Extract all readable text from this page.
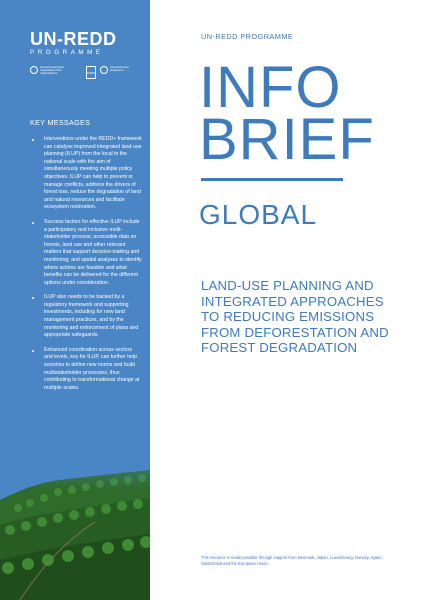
UN-REDD
PROGRAMME
Food and Agriculture Organization of the United Nations	UNDP
UN environment programme
KEY MESSAGES
Interventions under the REDD+ framework can catalyse improved integrated land-use planning (ILUP) from the local to the national scale with the aim of simultaneously meeting multiple policy objectives. ILUP can help to prevent or manage conflicts, address the drivers of forest loss, reduce the degradation of land and natural resources and facilitate ecosystem restoration.
Success factors for effective ILUP include a participatory and inclusive multi-stakeholder process; accessible data on forests, land use and other relevant matters that support decision-making and monitoring; and spatial analyses to identify where actions are feasible and what benefits can be delivered for the different options under consideration.
ILUP also needs to be backed by a regulatory framework and supporting investments, including for new land management practices, and by the monitoring and enforcement of plans and appropriate safeguards.
Enhanced coordination across sectors and levels, key for ILUP, can further help societies to define new norms and build multistakeholder processes, thus contributing to transformational change at multiple scales.
UN-REDD PROGRAMME
INFO
BRIEF
GLOBAL
LAND-USE PLANNING AND INTEGRATED APPROACHES TO REDUCING EMISSIONS FROM DEFORESTATION AND FOREST DEGRADATION
This resource is made possible through support from Denmark, Japan, Luxembourg, Norway, Spain, Switzerland and the European Union.
